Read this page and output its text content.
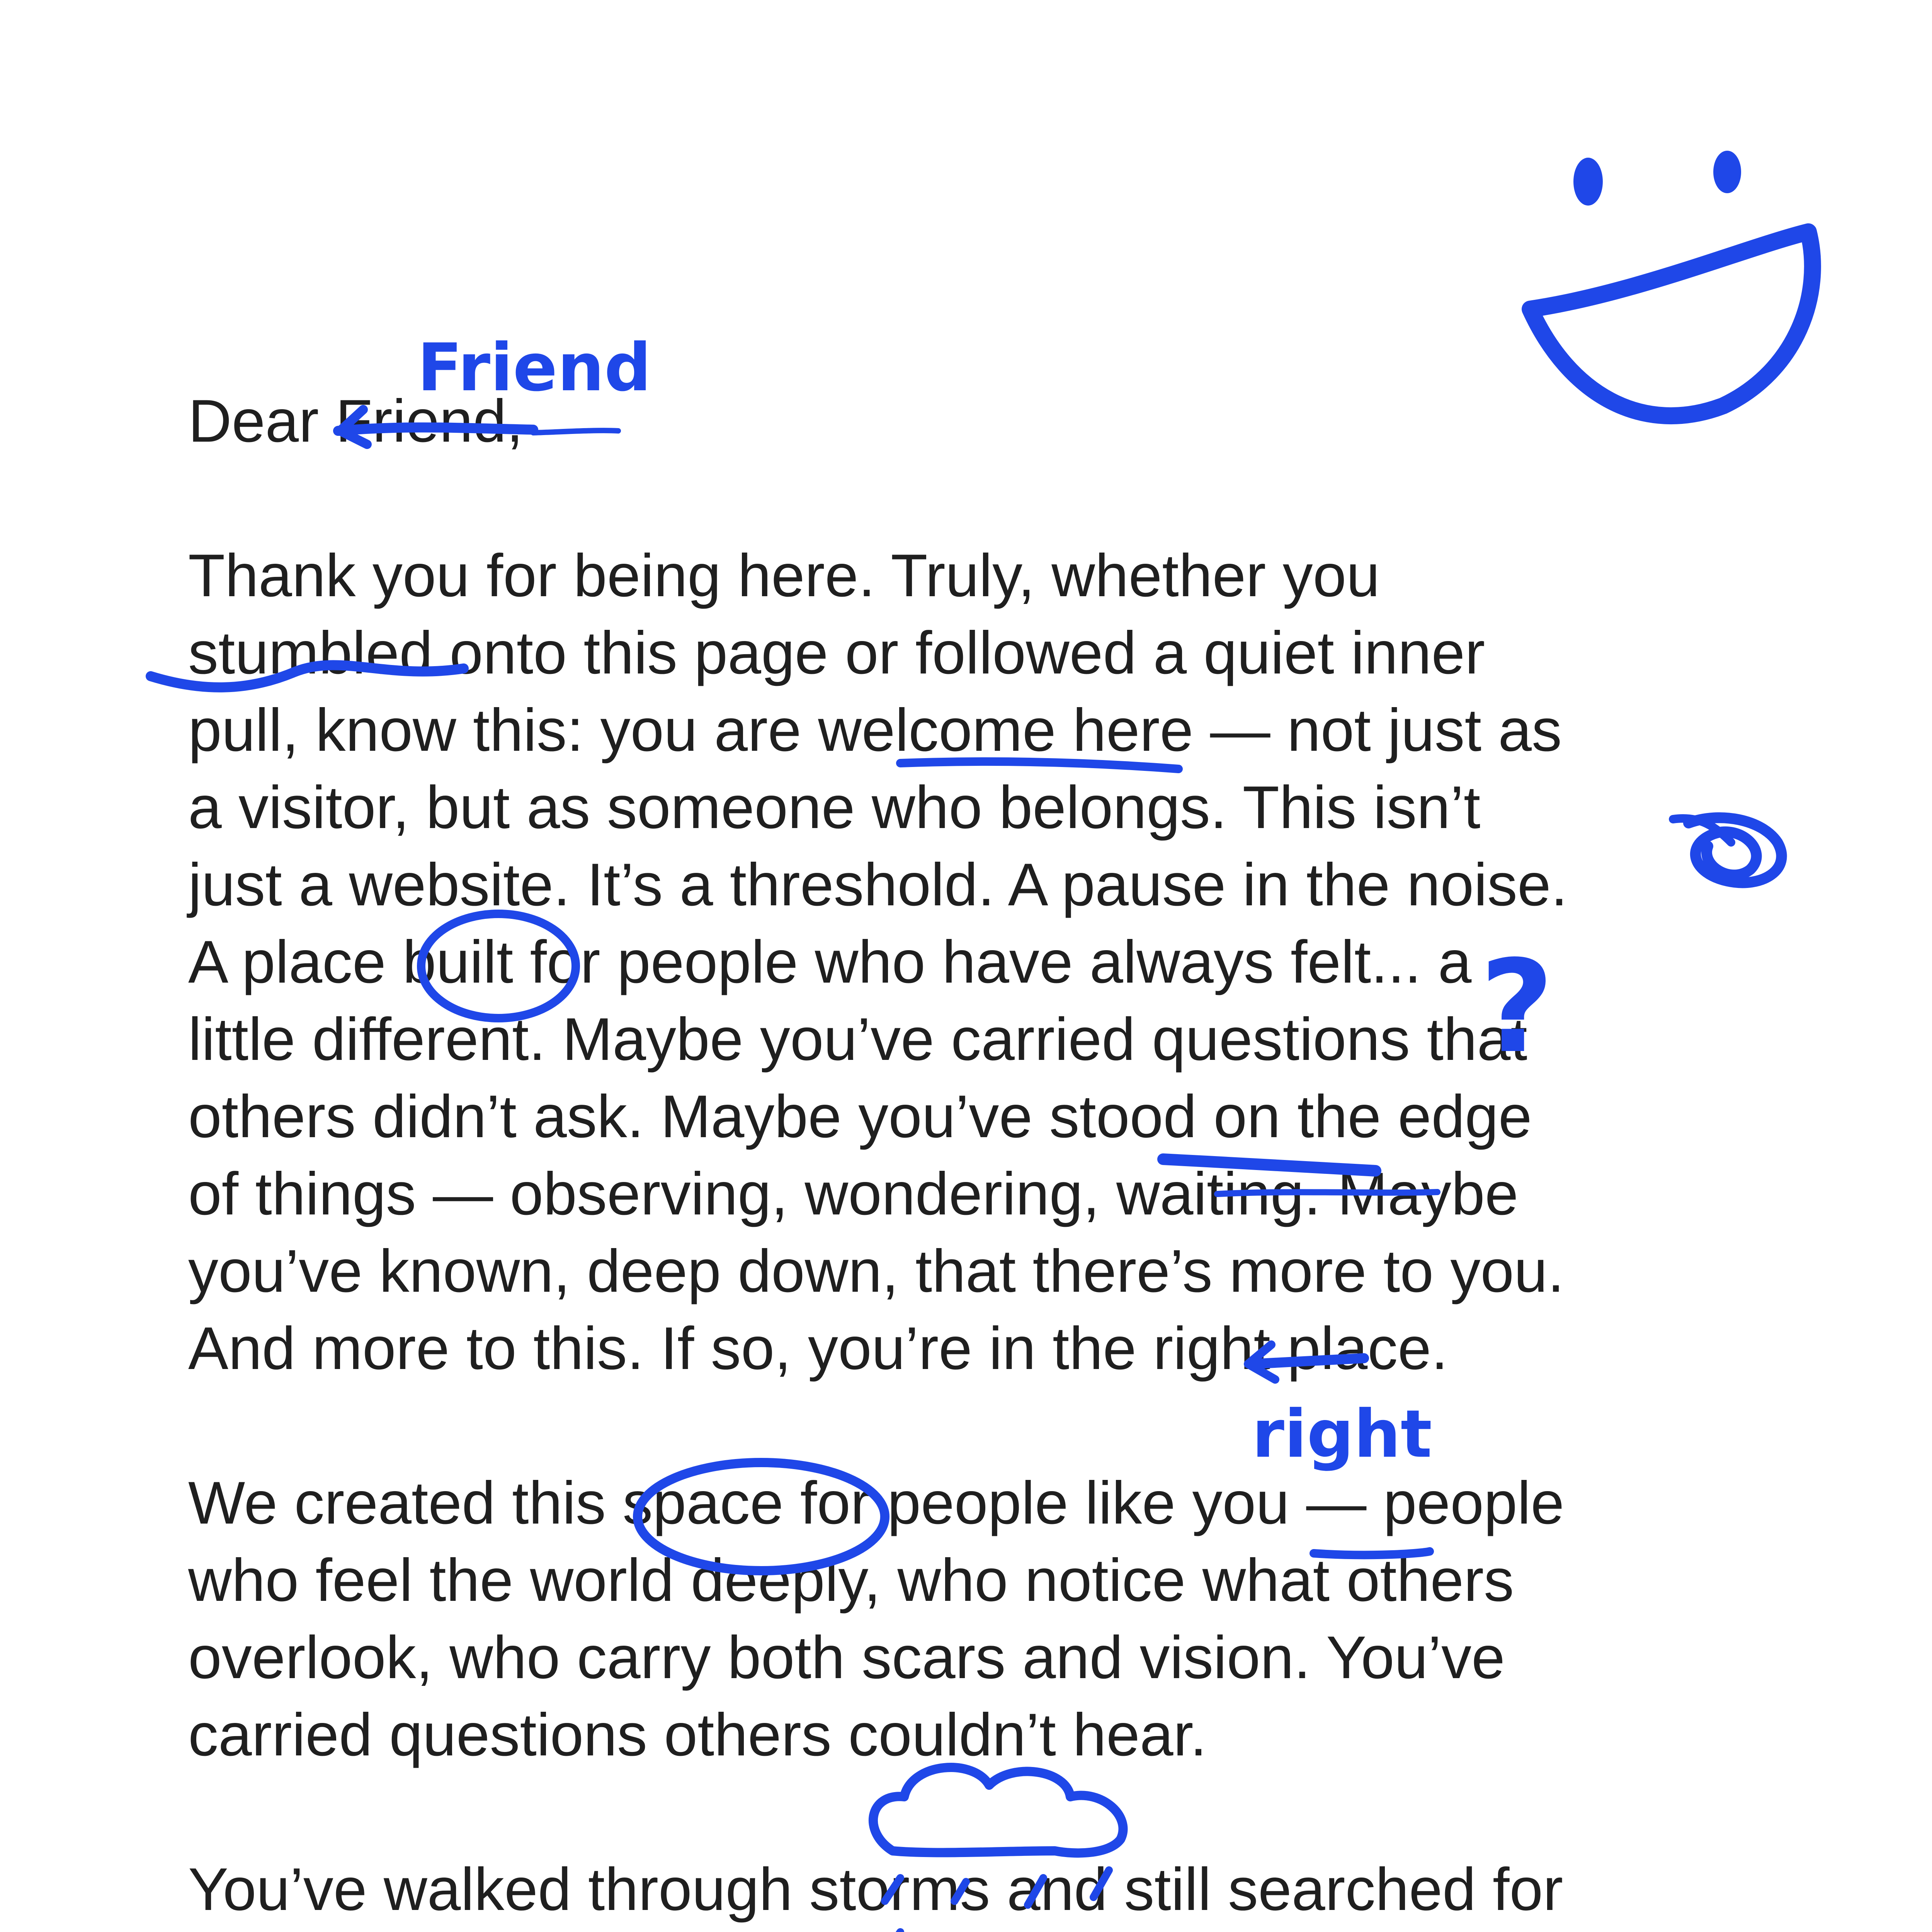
Dear Friend,

Thank you for being here. Truly, whether you

stumbled onto this page or followed a quiet inner

pull, know this: you are welcome here — not just as

a visitor, but as someone who belongs. This isn’t

just a website. It’s a threshold. A pause in the noise.

A place built for people who have always felt... a

little different. Maybe you’ve carried questions that

others didn’t ask. Maybe you’ve stood on the edge

of things — observing, wondering, waiting. Maybe

you’ve known, deep down, that there’s more to you.

And more to this. If so, you’re in the right place.

We created this space for people like you — people

who feel the world deeply, who notice what others

overlook, who carry both scars and vision. You’ve

carried questions others couldn’t hear.

You’ve walked through storms and still searched for

Friend
?
right
